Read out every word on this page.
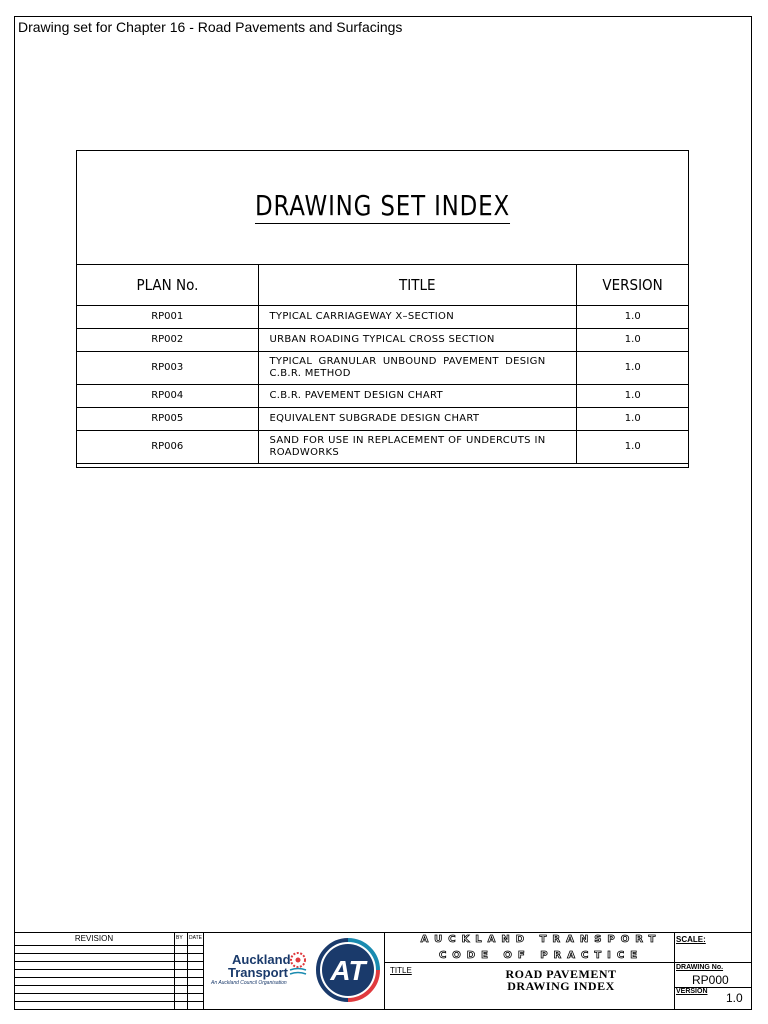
Drawing set for Chapter 16 - Road Pavements and Surfacings
DRAWING SET INDEX
PLAN No.	TITLE	VERSION
RP001	TYPICAL CARRIAGEWAY X–SECTION	1.0
RP002	URBAN ROADING TYPICAL CROSS SECTION	1.0
RP003	TYPICAL GRANULAR UNBOUND PAVEMENT DESIGN C.B.R. METHOD	1.0
RP004	C.B.R. PAVEMENT DESIGN CHART	1.0
RP005	EQUIVALENT SUBGRADE DESIGN CHART	1.0
RP006	SAND FOR USE IN REPLACEMENT OF UNDERCUTS IN ROADWORKS	1.0
REVISION	BY DATE
Auckland
Transport
An Auckland Council Organisation AT
AUCKLAND TRANSPORT
CODE OF PRACTICE
TITLE	ROAD PAVEMENT
DRAWING INDEX
SCALE:
DRAWING No.
RP000
VERSION 1.0
